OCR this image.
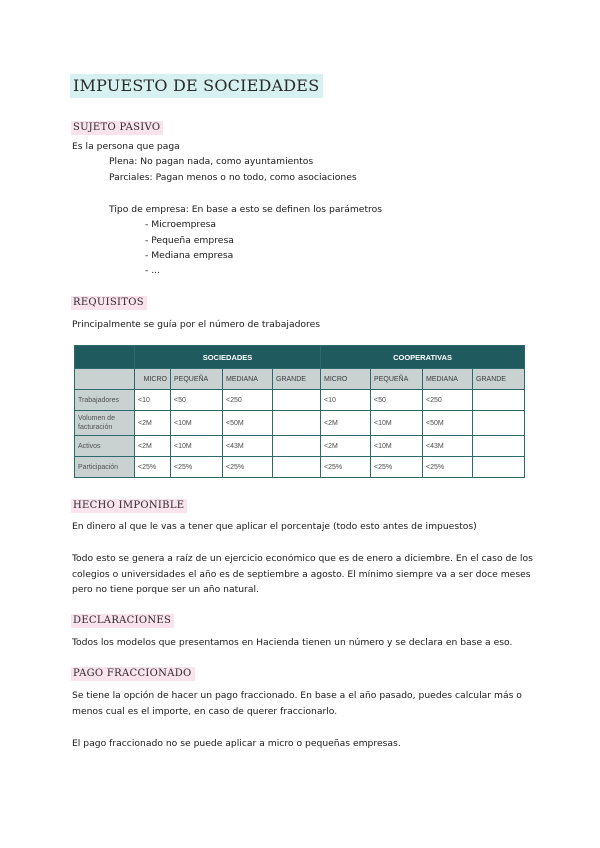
IMPUESTO DE SOCIEDADES
SUJETO PASIVO
Es la persona que paga
Plena: No pagan nada, como ayuntamientos
Parciales: Pagan menos o no todo, como asociaciones
Tipo de empresa: En base a esto se definen los parámetros
- Microempresa
- Pequeña empresa
- Mediana empresa
- ...
REQUISITOS
Principalmente se guía por el número de trabajadores
	SOCIEDADES				COOPERATIVAS			
	MICRO	PEQUEÑA	MEDIANA	GRANDE	MICRO	PEQUEÑA	MEDIANA	GRANDE
Trabajadores	<10	<50	<250		<10	<50	<250	
Volumen de facturación	<2M	<10M	<50M		<2M	<10M	<50M	
Activos	<2M	<10M	<43M		<2M	<10M	<43M	
Participación	<25%	<25%	<25%		<25%	<25%	<25%	
HECHO IMPONIBLE
En dinero al que le vas a tener que aplicar el porcentaje (todo esto antes de impuestos)
Todo esto se genera a raíz de un ejercicio económico que es de enero a diciembre. En el caso de los
colegios o universidades el año es de septiembre a agosto. El mínimo siempre va a ser doce meses
pero no tiene porque ser un año natural.
DECLARACIONES
Todos los modelos que presentamos en Hacienda tienen un número y se declara en base a eso.
PAGO FRACCIONADO
Se tiene la opción de hacer un pago fraccionado. En base a el año pasado, puedes calcular más o
menos cual es el importe, en caso de querer fraccionarlo.
El pago fraccionado no se puede aplicar a micro o pequeñas empresas.
